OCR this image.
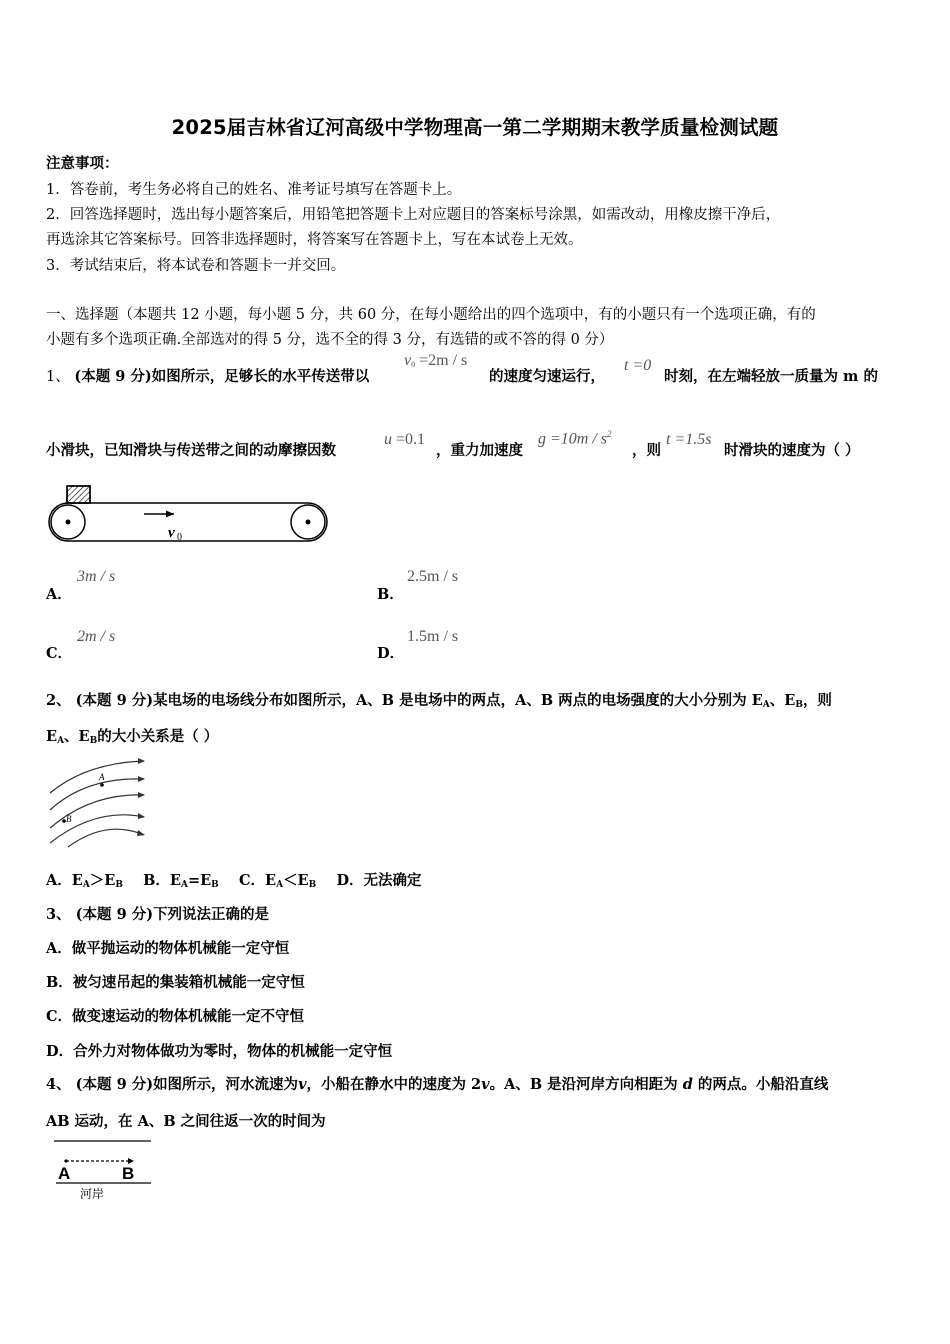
2025届吉林省辽河高级中学物理高一第二学期期末教学质量检测试题
注意事项：
1．答卷前，考生务必将自己的姓名、准考证号填写在答题卡上。
2．回答选择题时，选出每小题答案后，用铅笔把答题卡上对应题目的答案标号涂黑，如需改动，用橡皮擦干净后，
再选涂其它答案标号。回答非选择题时，将答案写在答题卡上，写在本试卷上无效。
3．考试结束后，将本试卷和答题卡一并交回。
一、选择题（本题共 12 小题，每小题 5 分，共 60 分，在每小题给出的四个选项中，有的小题只有一个选项正确，有的
小题有多个选项正确.全部选对的得 5 分，选不全的得 3 分，有选错的或不答的得 0 分）
1、 (本题 9 分)如图所示，足够长的水平传送带以
$v_0 =2m / s$
的速度匀速运行，
t =0
时刻，在左端轻放一质量为 m 的
小滑块，已知滑块与传送带之间的动摩擦因数
u =0.1
，重力加速度
$g =10m / s^2$
，则
t =1.5s
时滑块的速度为（ ）
v 0
A．
3m / s
B．
2.5m / s
C．
2m / s
D．
1.5m / s
2、 (本题 9 分)某电场的电场线分布如图所示，A、B 是电场中的两点，A、B 两点的电场强度的大小分别为 $E_A$、$E_B$，则
$E_A$、$E_B$的大小关系是（ ）
A
B
A．$E_A>E_B$ B．$E_A=E_B$ C．$E_A<E_B$ D．无法确定
3、 (本题 9 分)下列说法正确的是
A．做平抛运动的物体机械能一定守恒
B．被匀速吊起的集装箱机械能一定守恒
C．做变速运动的物体机械能一定不守恒
D．合外力对物体做功为零时，物体的机械能一定守恒
4、 (本题 9 分)如图所示，河水流速为v，小船在静水中的速度为 2v。A、B 是沿河岸方向相距为 d 的两点。小船沿直线
AB 运动，在 A、B 之间往返一次的时间为
A	B
河岸
